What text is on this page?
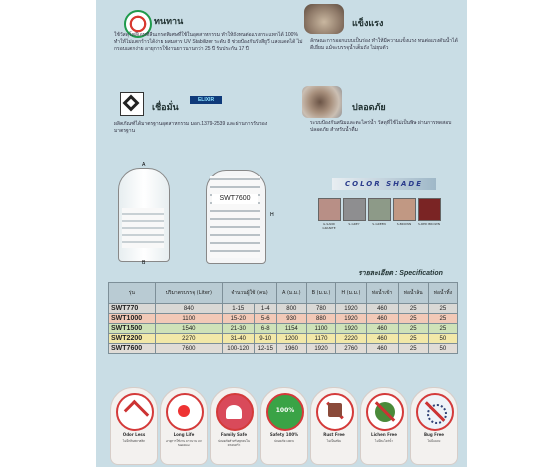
ทนทาน
ใช้วัสดุโพลีเอททีลีนเกรดพิเศษที่ใช้ในอุตสาหกรรม ทำให้ถังทนต่อแรงกระแทกได้ 100% ทำให้ไม่แตกร้าวได้ง่าย ผสมสาร UV Stabilizer ระดับ 8 ช่วยป้องกันรังสียูวี แสงแดดได้ ไม่กรอบแตกง่าย อายุการใช้งานยาวนานกว่า 25 ปี รับประกัน 17 ปี
แข็งแรง
ลักษณะการออกแบบเป็นร่อง ทำให้มีความแข็งแรง ทนต่อแรงดันน้ำได้ดีเยี่ยม แม้จะบรรจุน้ำเต็มถัง ไม่ยุบตัว
เชื่อมั่น
ELIXIR
ผลิตภัณฑ์ได้มาตรฐานอุตสาหกรรม มอก.1379-2539 และผ่านการรับรองมาตรฐาน
ปลอดภัย
ระบบป้องกันสนิมและตะไคร่น้ำ วัสดุที่ใช้ไม่เป็นพิษ ผ่านการทดสอบปลอดภัย สำหรับน้ำดื่ม
A
B
SWT7600
H
COLOR SHADE
G-SAND GRANITE
S-GREY	S-GREEN	S-BROWN	S-RED BROWN
รายละเอียด : Specification
รุ่น	ปริมาตรบรรจุ (Liter)	จำนวนผู้ใช้ (คน)		A (ม.ม.)	B (ม.ม.)	H (ม.ม.)	ท่อน้ำเข้า	ท่อน้ำล้น	ท่อน้ำทิ้ง
SWT770	840	1-15	1-4	800	780	1920	460	25	25
SWT1000	1100	15-20	5-6	930	880	1920	460	25	25
SWT1500	1540	21-30	6-8	1154	1100	1920	460	25	25
SWT2200	2270	31-40	9-10	1200	1170	2220	460	25	50
SWT7600	7600	100-120	12-15	1960	1920	2760	460	25	50
Odor Less
ไม่มีกลิ่นพลาสติก
Long Life
อายุการใช้งาน ยาวนาน UV Stabilizer
Family Safe
ปลอดภัยสำหรับทุกคนในครอบครัว
100%
Safety 100%
ปลอดภัย 100%
Rust Free
ไม่เป็นสนิม
Lichen Free
ไม่มีตะไคร่น้ำ
Bug Free
ไม่มีแมลง
